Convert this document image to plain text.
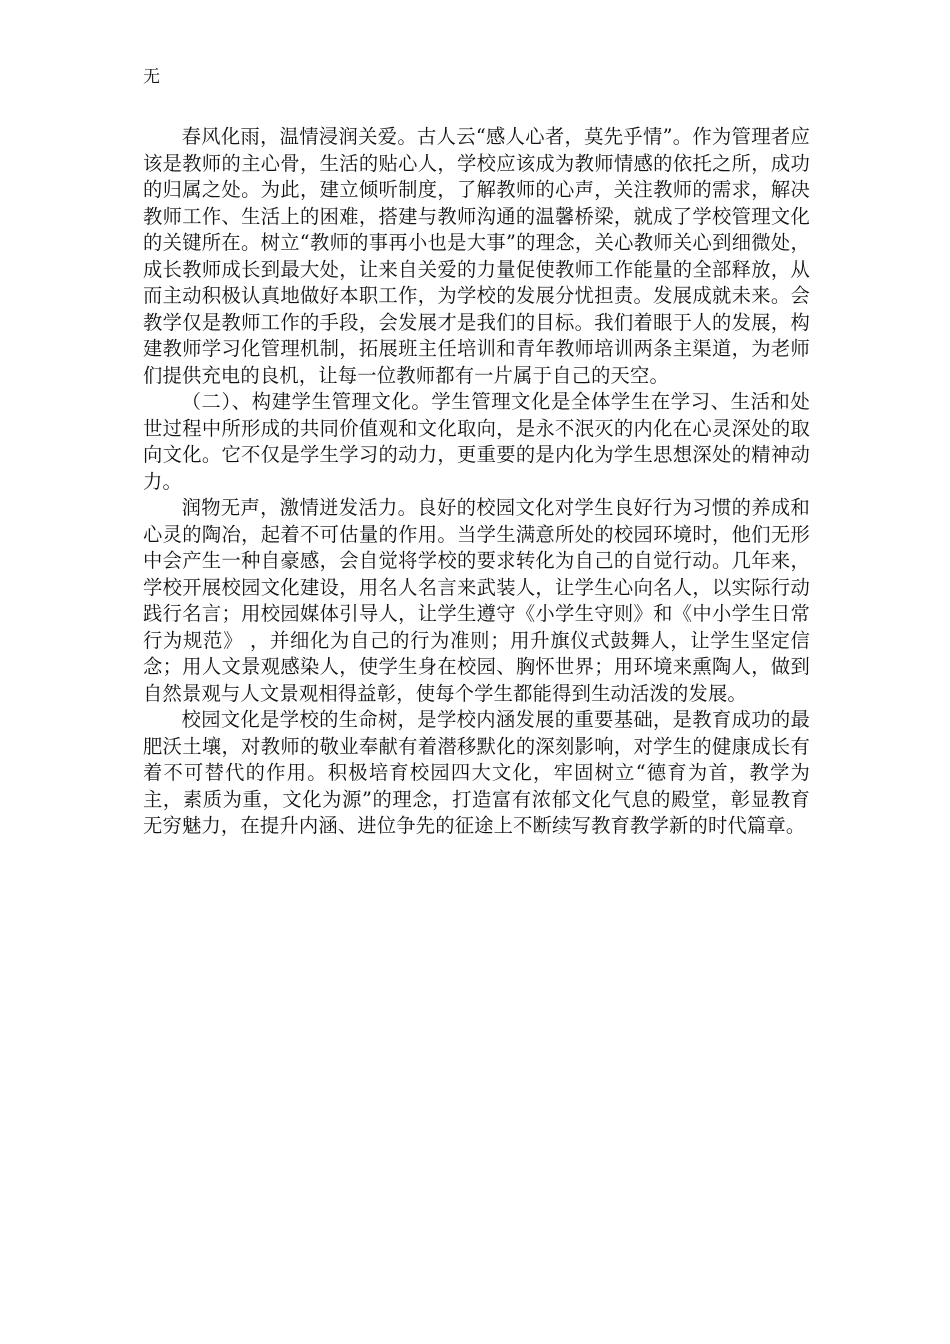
无

春风化雨，温情浸润关爱。古人云“感人心者，莫先乎情”。作为管理者应该是教师的主心骨，生活的贴心人，学校应该成为教师情感的依托之所，成功的归属之处。为此，建立倾听制度，了解教师的心声，关注教师的需求，解决教师工作、生活上的困难，搭建与教师沟通的温馨桥梁，就成了学校管理文化的关键所在。树立“教师的事再小也是大事”的理念，关心教师关心到细微处，成长教师成长到最大处，让来自关爱的力量促使教师工作能量的全部释放，从而主动积极认真地做好本职工作，为学校的发展分忧担责。发展成就未来。会教学仅是教师工作的手段，会发展才是我们的目标。我们着眼于人的发展，构建教师学习化管理机制，拓展班主任培训和青年教师培训两条主渠道，为老师们提供充电的良机，让每一位教师都有一片属于自己的天空。

（二）、构建学生管理文化。学生管理文化是全体学生在学习、生活和处世过程中所形成的共同价值观和文化取向，是永不泯灭的内化在心灵深处的取向文化。它不仅是学生学习的动力，更重要的是内化为学生思想深处的精神动力。

润物无声，激情迸发活力。良好的校园文化对学生良好行为习惯的养成和心灵的陶冶，起着不可估量的作用。当学生满意所处的校园环境时，他们无形中会产生一种自豪感，会自觉将学校的要求转化为自己的自觉行动。几年来，学校开展校园文化建设，用名人名言来武装人，让学生心向名人，以实际行动践行名言；用校园媒体引导人，让学生遵守《小学生守则》和《中小学生日常行为规范》 ，并细化为自己的行为准则；用升旗仪式鼓舞人，让学生坚定信念；用人文景观感染人，使学生身在校园、胸怀世界；用环境来熏陶人，做到自然景观与人文景观相得益彰，使每个学生都能得到生动活泼的发展。

校园文化是学校的生命树，是学校内涵发展的重要基础，是教育成功的最肥沃土壤，对教师的敬业奉献有着潜移默化的深刻影响，对学生的健康成长有着不可替代的作用。积极培育校园四大文化，牢固树立“德育为首，教学为主，素质为重，文化为源”的理念，打造富有浓郁文化气息的殿堂，彰显教育无穷魅力，在提升内涵、进位争先的征途上不断续写教育教学新的时代篇章。
